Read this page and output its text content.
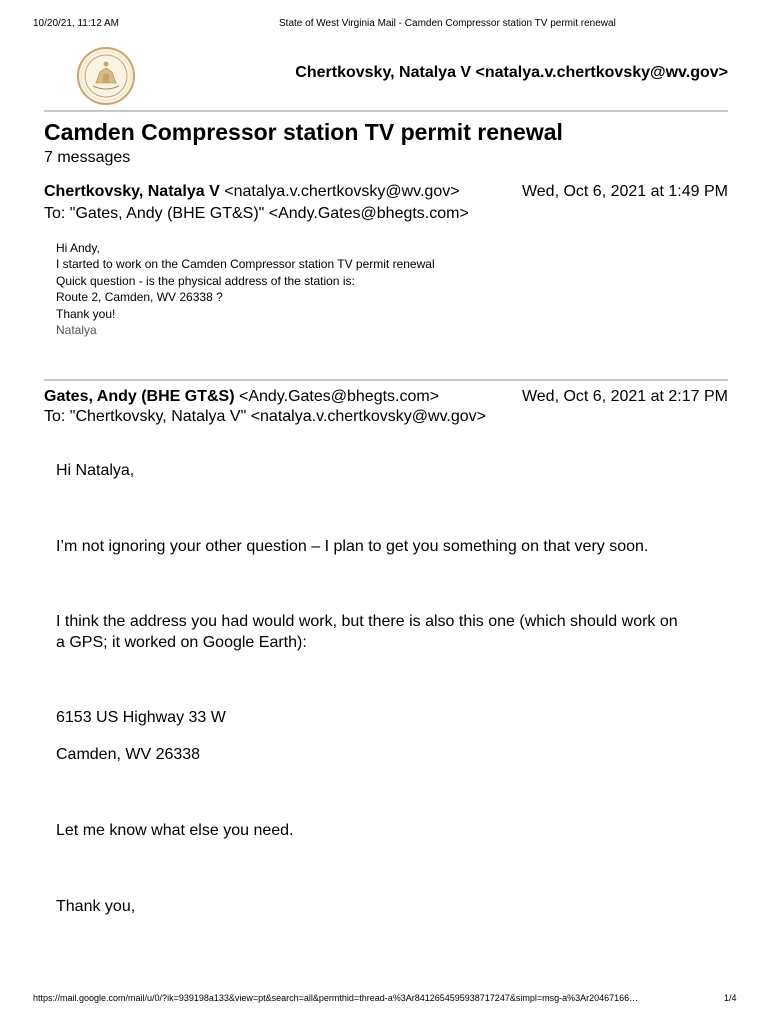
10/20/21, 11:12 AM	State of West Virginia Mail - Camden Compressor station TV permit renewal
Chertkovsky, Natalya V <natalya.v.chertkovsky@wv.gov>
Camden Compressor station TV permit renewal
7 messages
Chertkovsky, Natalya V <natalya.v.chertkovsky@wv.gov>	Wed, Oct 6, 2021 at 1:49 PM
To: "Gates, Andy (BHE GT&S)" <Andy.Gates@bhegts.com>
Hi Andy,
I started to work on the Camden Compressor station TV permit renewal
Quick question - is the physical address of the station is:
Route 2, Camden, WV 26338 ?
Thank you!
Natalya
Gates, Andy (BHE GT&S) <Andy.Gates@bhegts.com>	Wed, Oct 6, 2021 at 2:17 PM
To: "Chertkovsky, Natalya V" <natalya.v.chertkovsky@wv.gov>
Hi Natalya,
I’m not ignoring your other question – I plan to get you something on that very soon.
I think the address you had would work, but there is also this one (which should work on
a GPS; it worked on Google Earth):
6153 US Highway 33 W
Camden, WV 26338
Let me know what else you need.
Thank you,
https://mail.google.com/mail/u/0/?ik=939198a133&view=pt&search=all&permthid=thread-a%3Ar8412654595938717247&simpl=msg-a%3Ar20467166…	1/4
